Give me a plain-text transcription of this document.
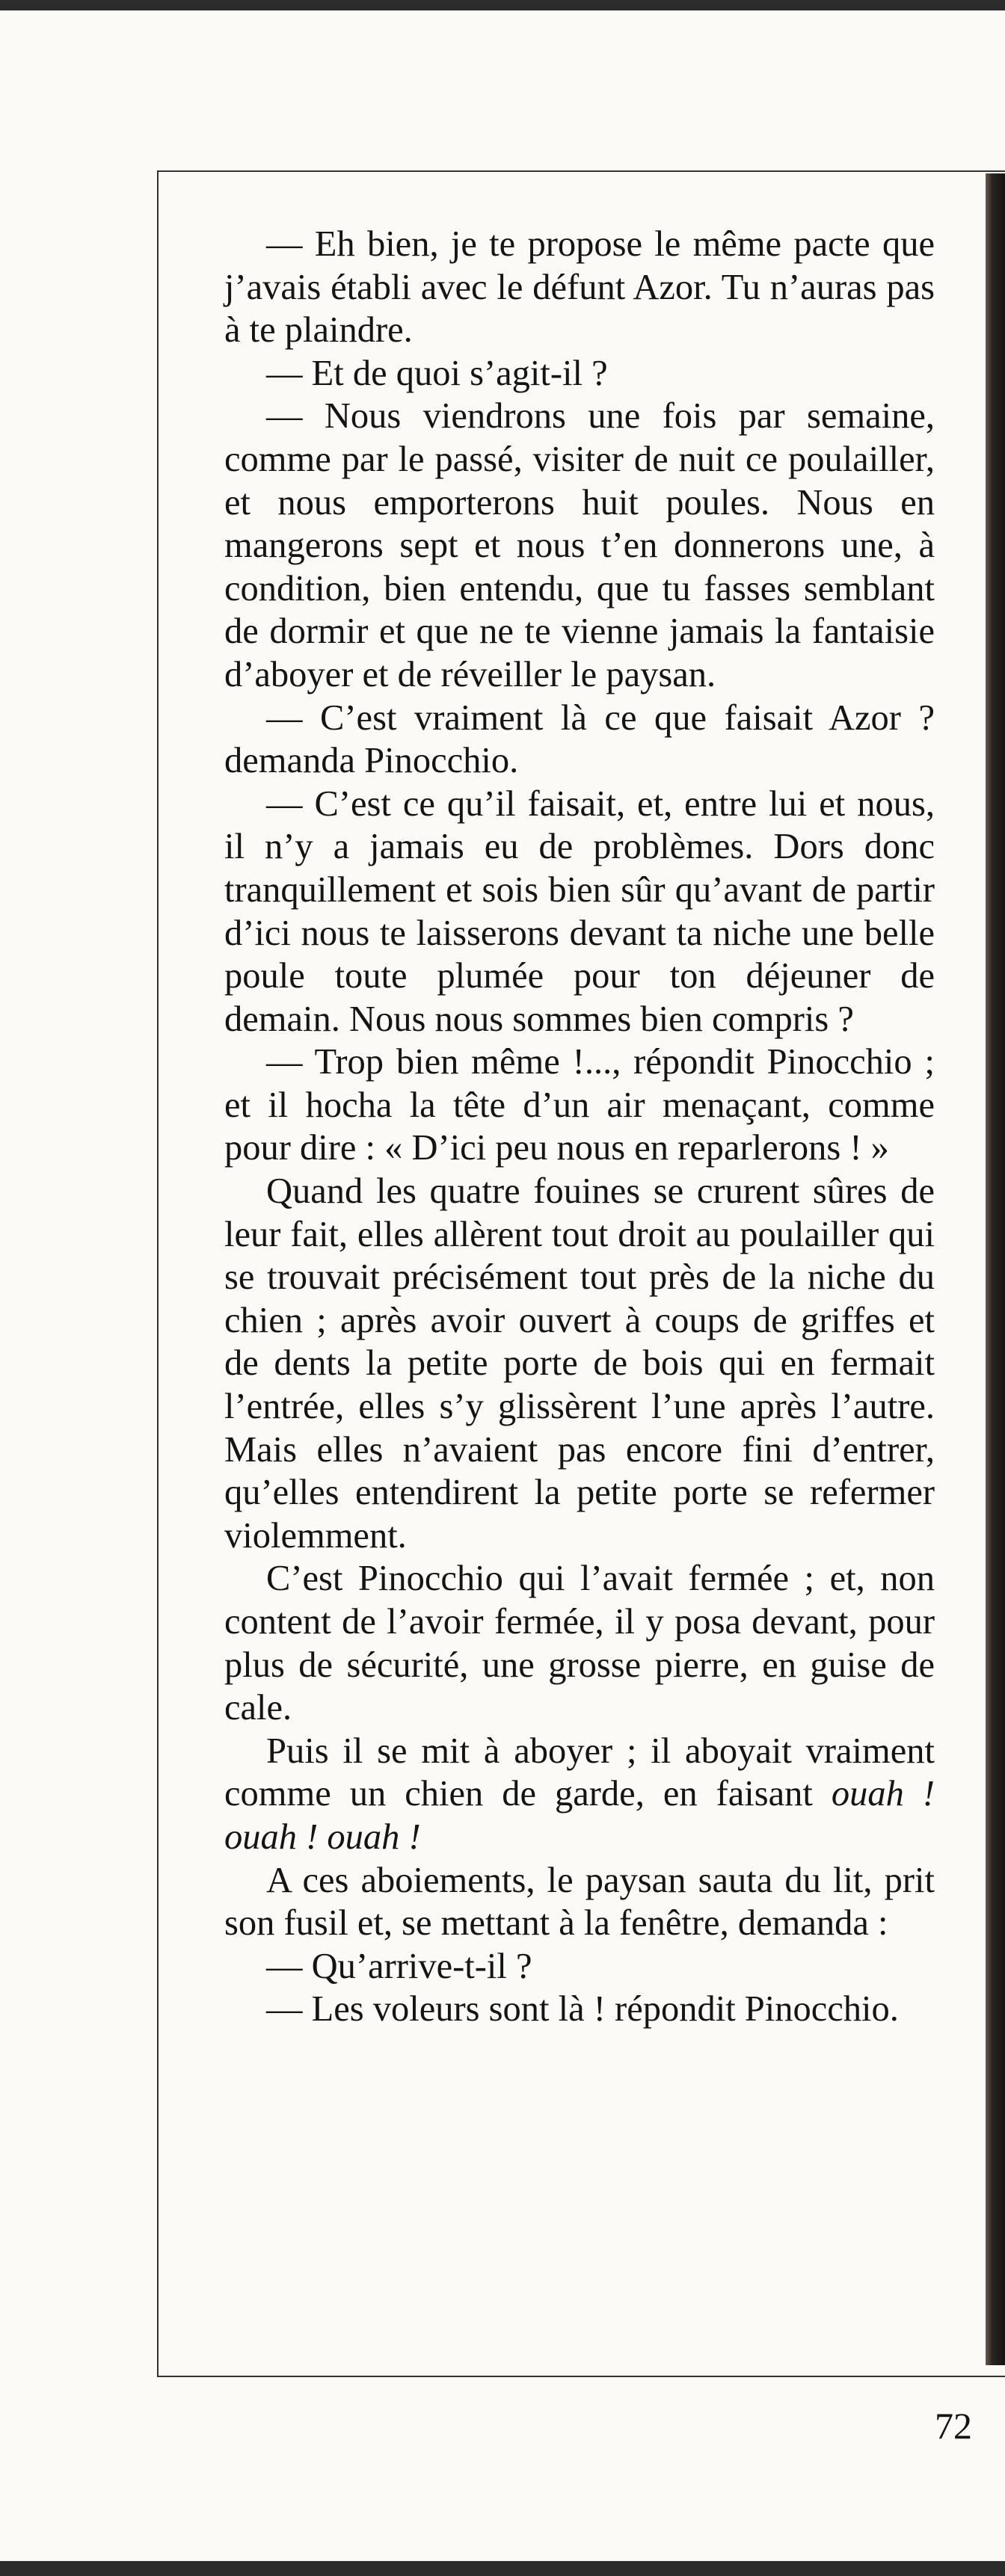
— Eh bien, je te propose le même pacte que j’avais établi avec le défunt Azor. Tu n’auras pas à te plaindre.

— Et de quoi s’agit-il ?

— Nous viendrons une fois par semaine, comme par le passé, visiter de nuit ce poulailler, et nous emporterons huit poules. Nous en mangerons sept et nous t’en donnerons une, à condition, bien entendu, que tu fasses semblant de dormir et que ne te vienne jamais la fantaisie d’aboyer et de réveiller le paysan.

— C’est vraiment là ce que faisait Azor ? demanda Pinocchio.

— C’est ce qu’il faisait, et, entre lui et nous, il n’y a jamais eu de problèmes. Dors donc tranquillement et sois bien sûr qu’avant de partir d’ici nous te laisserons devant ta niche une belle poule toute plumée pour ton déjeuner de demain. Nous nous sommes bien compris ?

— Trop bien même !..., répondit Pinocchio ; et il hocha la tête d’un air menaçant, comme pour dire : « D’ici peu nous en reparlerons ! »

Quand les quatre fouines se crurent sûres de leur fait, elles allèrent tout droit au poulailler qui se trouvait précisément tout près de la niche du chien ; après avoir ouvert à coups de griffes et de dents la petite porte de bois qui en fermait l’entrée, elles s’y glissèrent l’une après l’autre. Mais elles n’avaient pas encore fini d’entrer, qu’elles entendirent la petite porte se refermer violemment.

C’est Pinocchio qui l’avait fermée ; et, non content de l’avoir fermée, il y posa devant, pour plus de sécurité, une grosse pierre, en guise de cale.

Puis il se mit à aboyer ; il aboyait vraiment comme un chien de garde, en faisant ouah ! ouah ! ouah !

A ces aboiements, le paysan sauta du lit, prit son fusil et, se mettant à la fenêtre, demanda :

— Qu’arrive-t-il ?

— Les voleurs sont là ! répondit Pinocchio.

72
